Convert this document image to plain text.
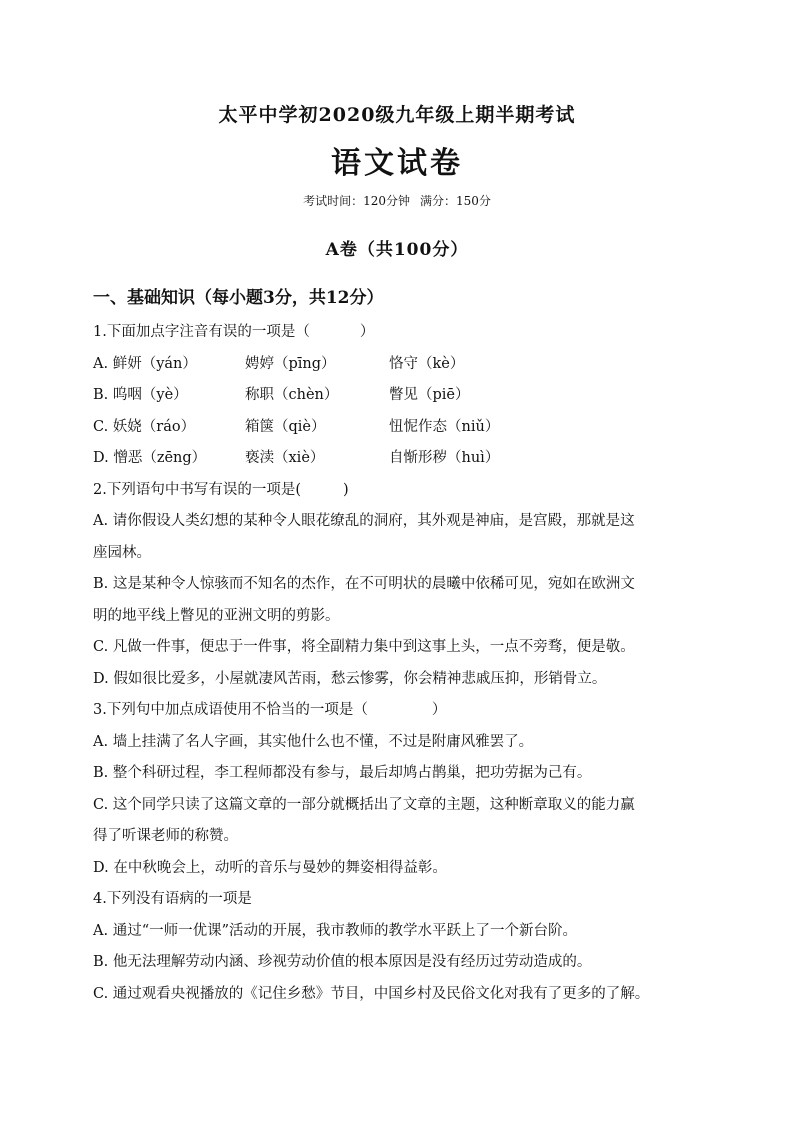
太平中学初2020级九年级上期半期考试
语文试卷
考试时间：120分钟 满分：150分
A卷（共100分）
一、基础知识（每小题3分，共12分）
1.下面加点字注音有误的一项是（	）
A. 鲜妍（yán）	娉婷（pīng）	恪守（kè）
B. 呜咽（yè）	称职（chèn）	瞥见（piē）
C. 妖娆（ráo）	箱箧（qiè）	忸怩作态（niǔ）
D. 憎恶（zēng）	亵渎（xiè）	自惭形秽（huì）
2.下列语句中书写有误的一项是(	)
A. 请你假设人类幻想的某种令人眼花缭乱的洞府，其外观是神庙，是宫殿，那就是这
座园林。
B. 这是某种令人惊骇而不知名的杰作，在不可明状的晨曦中依稀可见，宛如在欧洲文
明的地平线上瞥见的亚洲文明的剪影。
C. 凡做一件事，便忠于一件事，将全副精力集中到这事上头，一点不旁骛，便是敬。
D. 假如很比爱多，小屋就凄风苦雨，愁云惨雾，你会精神悲戚压抑，形销骨立。
3.下列句中加点成语使用不恰当的一项是（	）
A. 墙上挂满了名人字画，其实他什么也不懂，不过是附庸风雅罢了。
B. 整个科研过程，李工程师都没有参与，最后却鸠占鹊巢，把功劳据为己有。
C. 这个同学只读了这篇文章的一部分就概括出了文章的主题，这种断章取义的能力赢
得了听课老师的称赞。
D. 在中秋晚会上，动听的音乐与曼妙的舞姿相得益彰。
4.下列没有语病的一项是
A. 通过“一师一优课”活动的开展，我市教师的教学水平跃上了一个新台阶。
B. 他无法理解劳动内涵、珍视劳动价值的根本原因是没有经历过劳动造成的。
C. 通过观看央视播放的《记住乡愁》节目，中国乡村及民俗文化对我有了更多的了解。
